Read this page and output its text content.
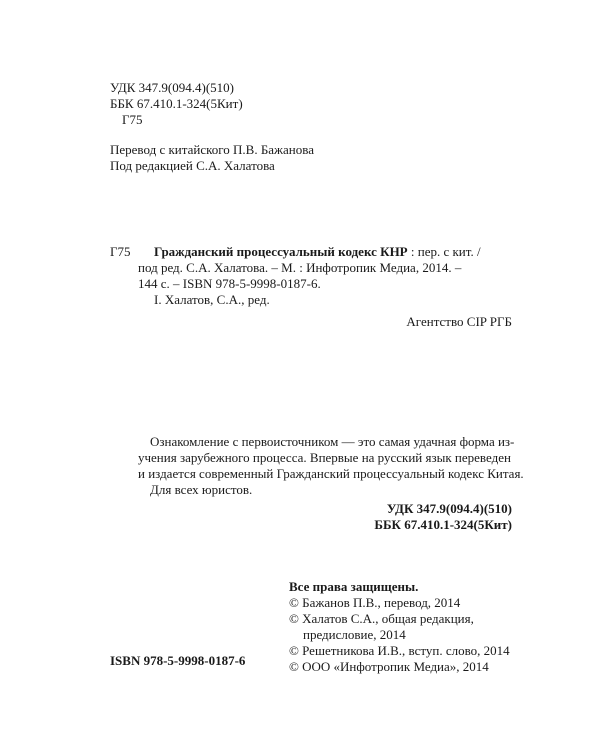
УДК 347.9(094.4)(510)
ББК 67.410.1-324(5Кит)
Г75
Перевод с китайского П.В. Бажанова
Под редакцией С.А. Халатова
Г75 Гражданский процессуальный кодекс КНР : пер. с кит. /
под ред. С.А. Халатова. – М. : Инфотропик Медиа, 2014. –
144 с. – ISBN 978-5-9998-0187-6.
I. Халатов, С.А., ред.
Агентство CIP РГБ
Ознакомление с первоисточником — это самая удачная форма из-
учения зарубежного процесса. Впервые на русский язык переведен
и издается современный Гражданский процессуальный кодекс Китая.
Для всех юристов.
УДК 347.9(094.4)(510)
ББК 67.410.1-324(5Кит)
Все права защищены.
© Бажанов П.В., перевод, 2014
© Халатов С.А., общая редакция,
предисловие, 2014
© Решетникова И.В., вступ. слово, 2014
© ООО «Инфотропик Медиа», 2014
ISBN 978-5-9998-0187-6
